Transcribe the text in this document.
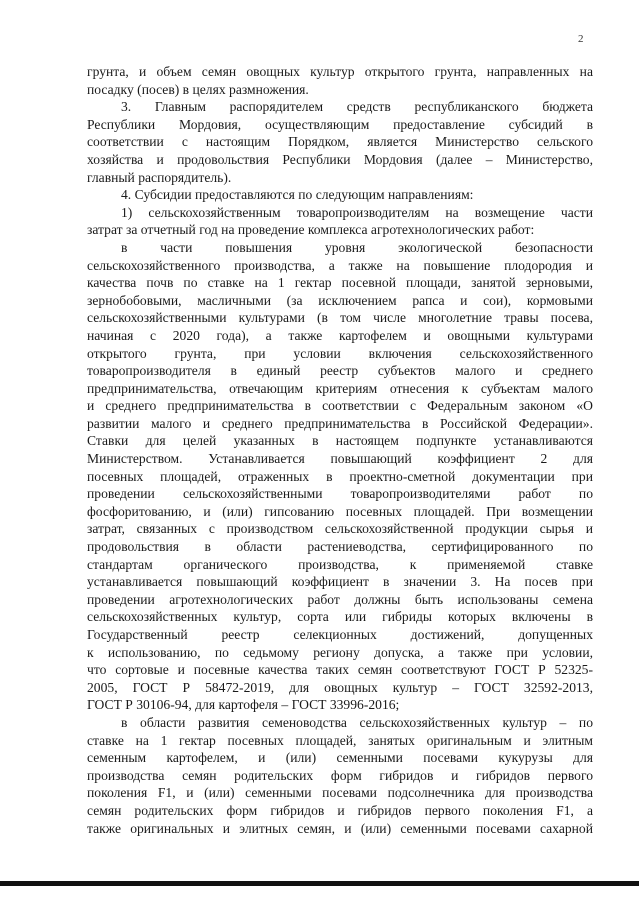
2

грунта, и объем семян овощных культур открытого грунта, направленных на

посадку (посев) в целях размножения.

3. Главным распорядителем средств республиканского бюджета

Республики Мордовия, осуществляющим предоставление субсидий в

соответствии с настоящим Порядком, является Министерство сельского

хозяйства и продовольствия Республики Мордовия (далее – Министерство,

главный распорядитель).

4. Субсидии предоставляются по следующим направлениям:

1) сельскохозяйственным товаропроизводителям на возмещение части

затрат за отчетный год на проведение комплекса агротехнологических работ:

в части повышения уровня экологической безопасности

сельскохозяйственного производства, а также на повышение плодородия и

качества почв по ставке на 1 гектар посевной площади, занятой зерновыми,

зернобобовыми, масличными (за исключением рапса и сои), кормовыми

сельскохозяйственными культурами (в том числе многолетние травы посева,

начиная с 2020 года), а также картофелем и овощными культурами

открытого грунта, при условии включения сельскохозяйственного

товаропроизводителя в единый реестр субъектов малого и среднего

предпринимательства, отвечающим критериям отнесения к субъектам малого

и среднего предпринимательства в соответствии с Федеральным законом «О

развитии малого и среднего предпринимательства в Российской Федерации».

Ставки для целей указанных в настоящем подпункте устанавливаются

Министерством. Устанавливается повышающий коэффициент 2 для

посевных площадей, отраженных в проектно-сметной документации при

проведении сельскохозяйственными товаропроизводителями работ по

фосфоритованию, и (или) гипсованию посевных площадей. При возмещении

затрат, связанных с производством сельскохозяйственной продукции сырья и

продовольствия в области растениеводства, сертифицированного по

стандартам органического производства, к применяемой ставке

устанавливается повышающий коэффициент в значении 3. На посев при

проведении агротехнологических работ должны быть использованы семена

сельскохозяйственных культур, сорта или гибриды которых включены в

Государственный реестр селекционных достижений, допущенных

к использованию, по седьмому региону допуска, а также при условии,

что сортовые и посевные качества таких семян соответствуют ГОСТ Р 52325-

2005, ГОСТ Р 58472-2019, для овощных культур – ГОСТ 32592-2013,

ГОСТ Р 30106-94, для картофеля – ГОСТ 33996-2016;

в области развития семеноводства сельскохозяйственных культур – по

ставке на 1 гектар посевных площадей, занятых оригинальным и элитным

семенным картофелем, и (или) семенными посевами кукурузы для

производства семян родительских форм гибридов и гибридов первого

поколения F1, и (или) семенными посевами подсолнечника для производства

семян родительских форм гибридов и гибридов первого поколения F1, а

также оригинальных и элитных семян, и (или) семенными посевами сахарной
